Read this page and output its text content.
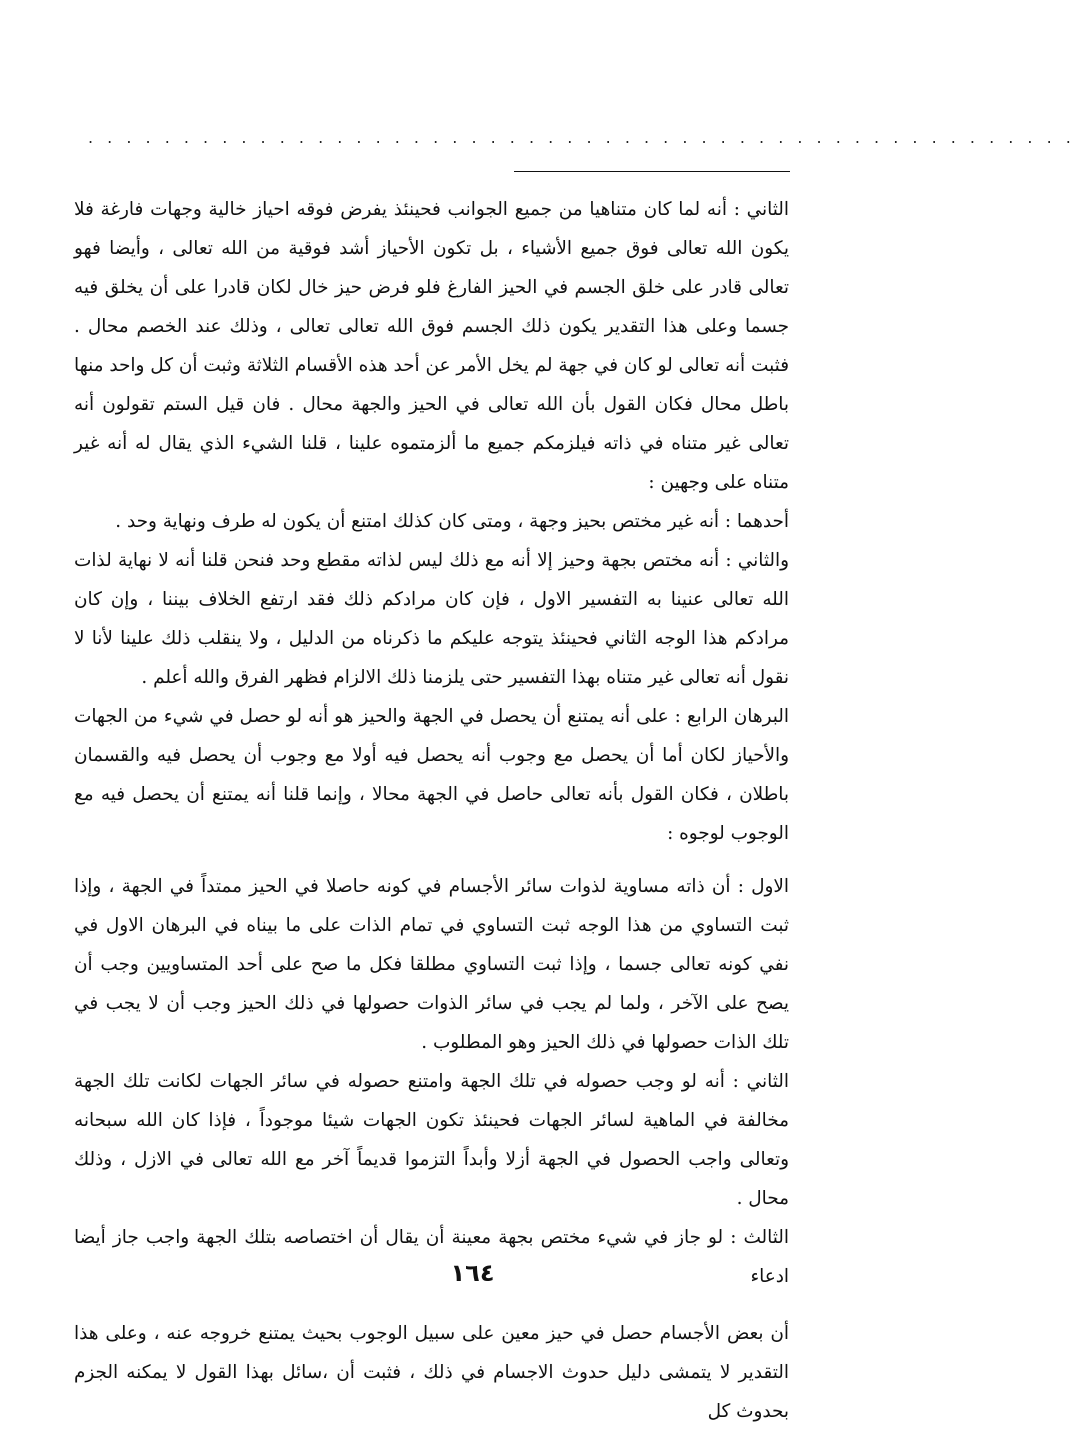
. . . . . . . . . . . . . . . . . . . . . . . . . . . . . . . . . . . . . . . . . . . . . . . . . . . .

الثاني : أنه لما كان متناهيا من جميع الجوانب فحينئذ يفرض فوقه احياز خالية وجهات فارغة فلا يكون الله تعالى فوق جميع الأشياء ، بل تكون الأحياز أشد فوقية من الله تعالى ، وأيضا فهو تعالى قادر على خلق الجسم في الحيز الفارغ فلو فرض حيز خال لكان قادرا على أن يخلق فيه جسما وعلى هذا التقدير يكون ذلك الجسم فوق الله تعالى تعالى ، وذلك عند الخصم محال . فثبت أنه تعالى لو كان في جهة لم يخل الأمر عن أحد هذه الأقسام الثلاثة وثبت أن كل واحد منها باطل محال فكان القول بأن الله تعالى في الحيز والجهة محال . فان قيل الستم تقولون أنه تعالى غير متناه في ذاته فيلزمكم جميع ما ألزمتموه علينا ، قلنا الشيء الذي يقال له أنه غير متناه على وجهين :

أحدهما : أنه غير مختص بحيز وجهة ، ومتى كان كذلك امتنع أن يكون له طرف ونهاية وحد .

والثاني : أنه مختص بجهة وحيز إلا أنه مع ذلك ليس لذاته مقطع وحد فنحن قلنا أنه لا نهاية لذات الله تعالى عنينا به التفسير الاول ، فإن كان مرادكم ذلك فقد ارتفع الخلاف بيننا ، وإن كان مرادكم هذا الوجه الثاني فحينئذ يتوجه عليكم ما ذكرناه من الدليل ، ولا ينقلب ذلك علينا لأنا لا نقول أنه تعالى غير متناه بهذا التفسير حتى يلزمنا ذلك الالزام فظهر الفرق والله أعلم .

البرهان الرابع : على أنه يمتنع أن يحصل في الجهة والحيز هو أنه لو حصل في شيء من الجهات والأحياز لكان أما أن يحصل مع وجوب أنه يحصل فيه أولا مع وجوب أن يحصل فيه والقسمان باطلان ، فكان القول بأنه تعالى حاصل في الجهة محالا ، وإنما قلنا أنه يمتنع أن يحصل فيه مع الوجوب لوجوه :

الاول : أن ذاته مساوية لذوات سائر الأجسام في كونه حاصلا في الحيز ممتداً في الجهة ، وإذا ثبت التساوي من هذا الوجه ثبت التساوي في تمام الذات على ما بيناه في البرهان الاول في نفي كونه تعالى جسما ، وإذا ثبت التساوي مطلقا فكل ما صح على أحد المتساويين وجب أن يصح على الآخر ، ولما لم يجب في سائر الذوات حصولها في ذلك الحيز وجب أن لا يجب في تلك الذات حصولها في ذلك الحيز وهو المطلوب .

الثاني : أنه لو وجب حصوله في تلك الجهة وامتنع حصوله في سائر الجهات لكانت تلك الجهة مخالفة في الماهية لسائر الجهات فحينئذ تكون الجهات شيئا موجوداً ، فإذا كان الله سبحانه وتعالى واجب الحصول في الجهة أزلا وأبداً التزموا قديماً آخر مع الله تعالى في الازل ، وذلك محال .

الثالث : لو جاز في شيء مختص بجهة معينة أن يقال أن اختصاصه بتلك الجهة واجب جاز أيضا ادعاء

أن بعض الأجسام حصل في حيز معين على سبيل الوجوب بحيث يمتنع خروجه عنه ، وعلى هذا التقدير لا يتمشى دليل حدوث الاجسام في ذلك ، فثبت أن ،سائل بهذا القول لا يمكنه الجزم بحدوث كل

١٦٤
